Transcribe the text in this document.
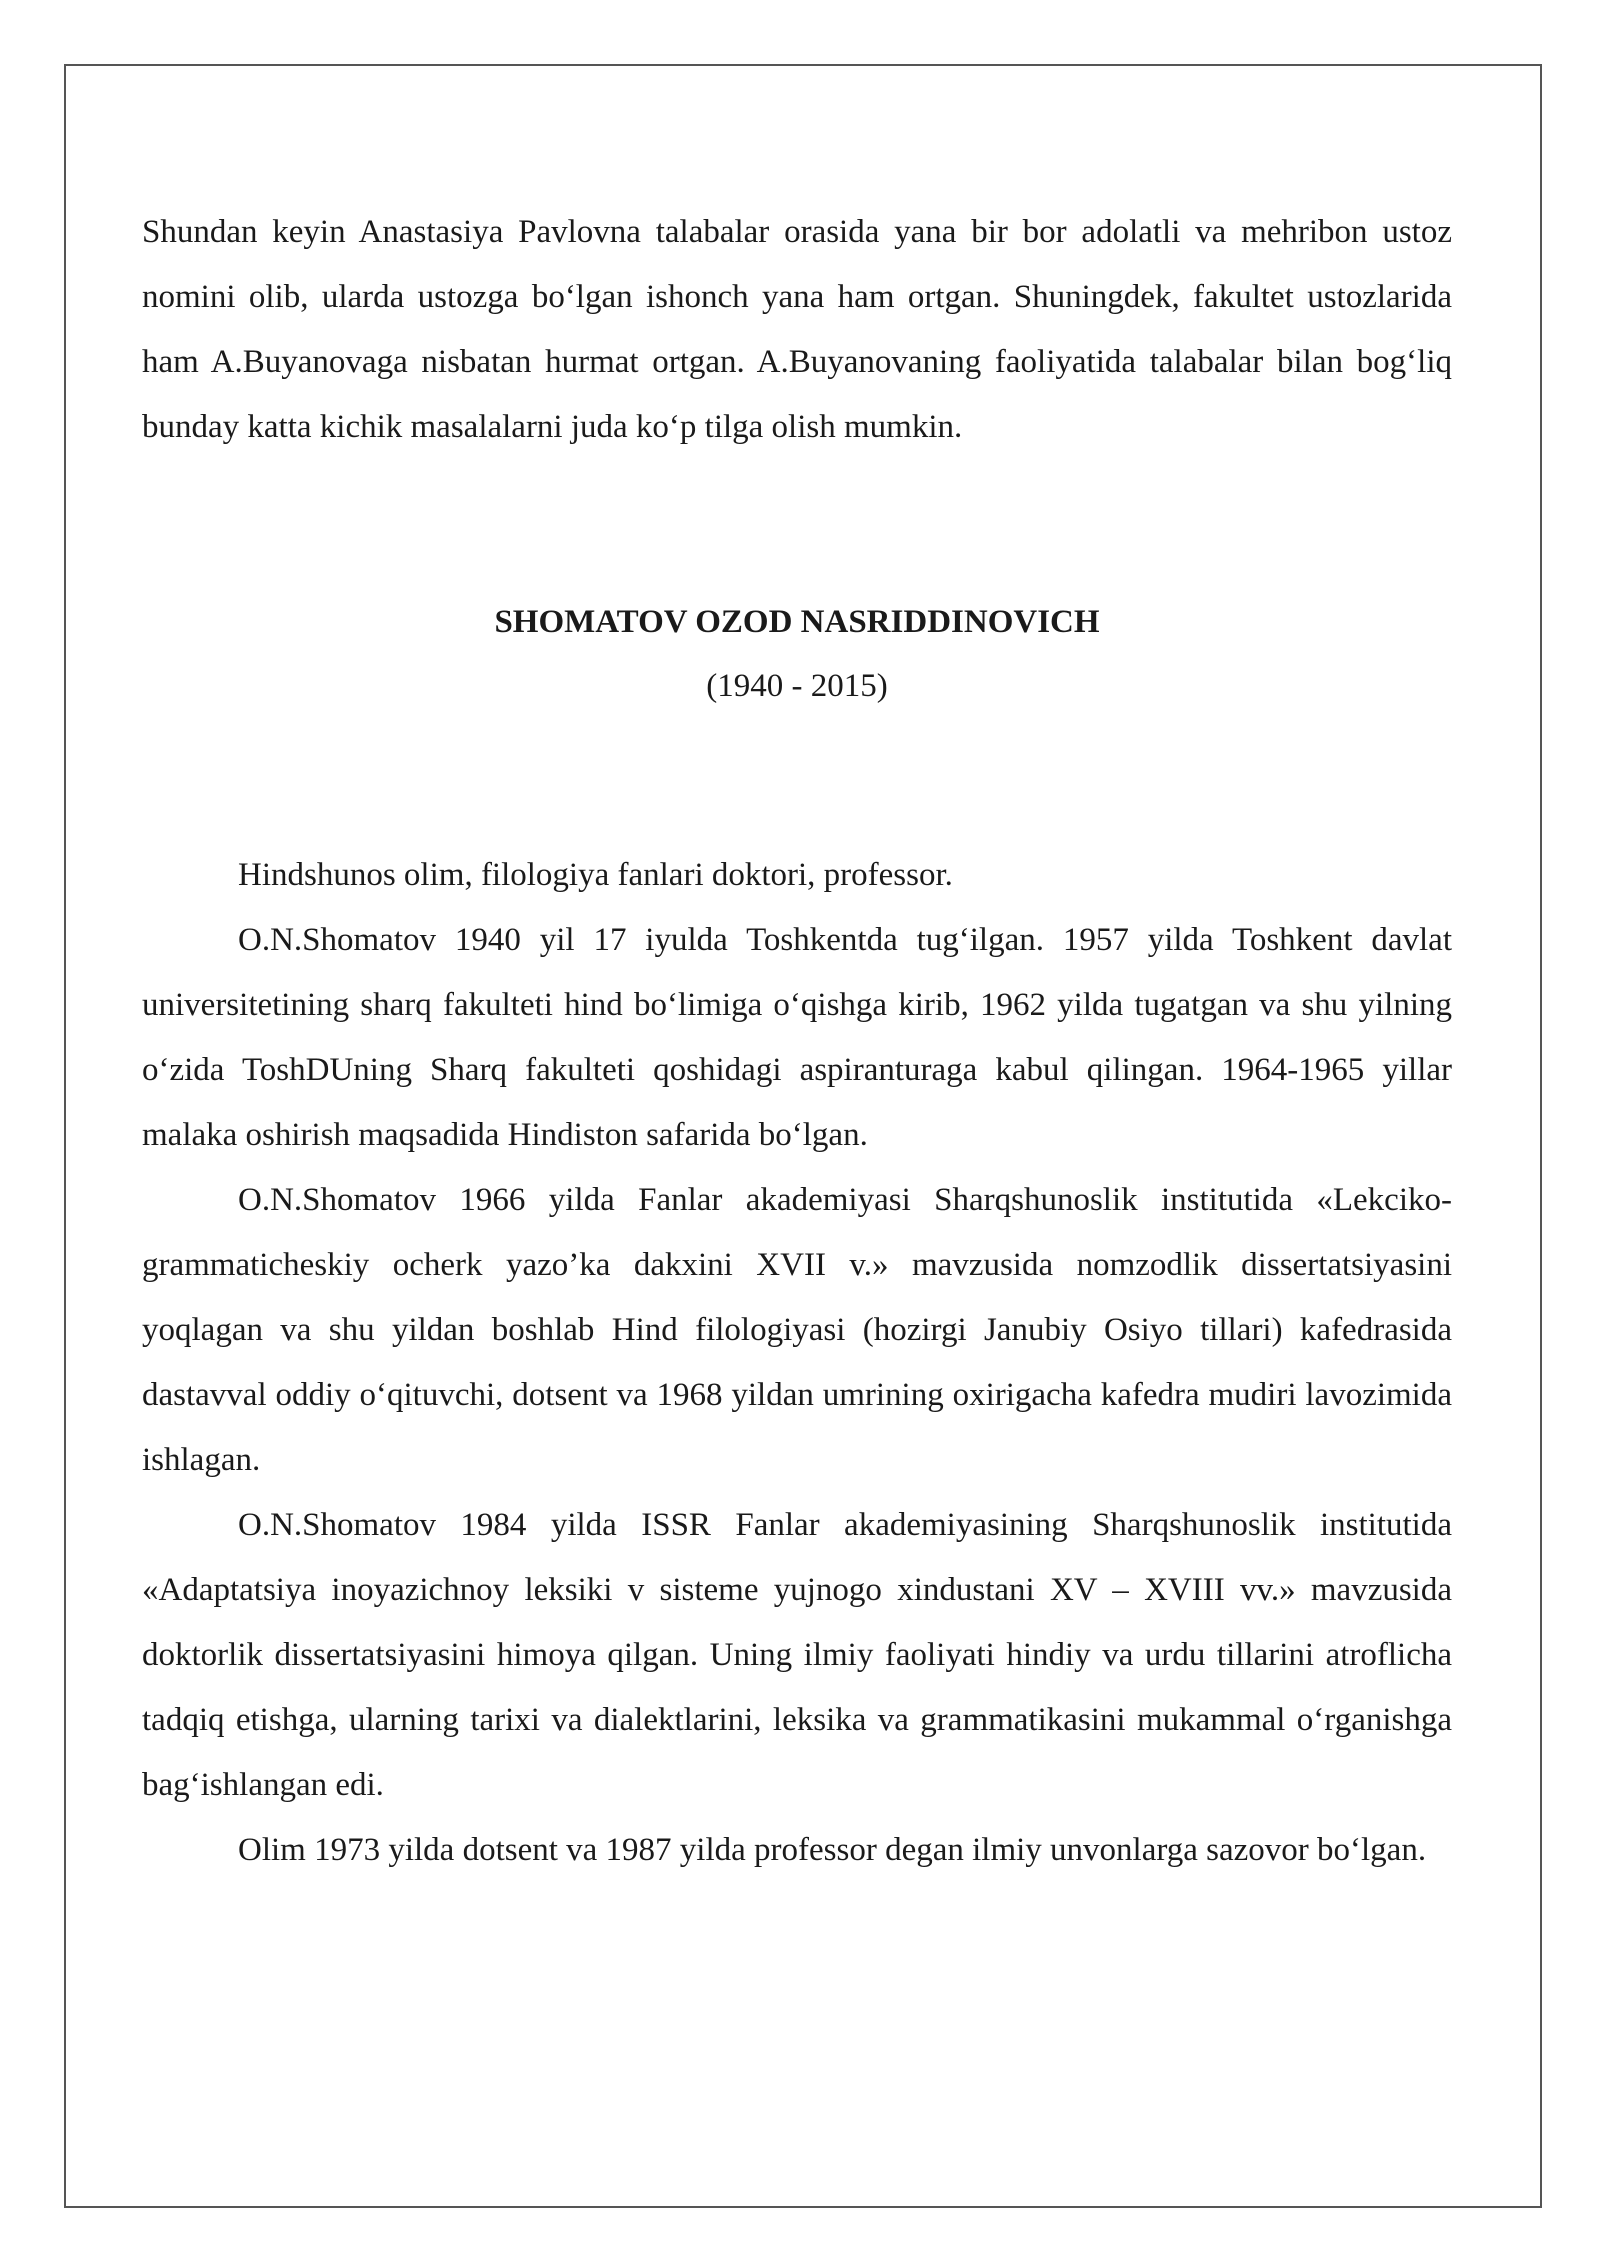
Shundan keyin Anastasiya Pavlovna talabalar orasida yana bir bor adolatli va mehribon ustoz nomini olib, ularda ustozga bo‘lgan ishonch yana ham ortgan. Shuningdek, fakultet ustozlarida ham A.Buyanovaga nisbatan hurmat ortgan. A.Buyanovaning faoliyatida talabalar bilan bog‘liq bunday katta kichik masalalarni juda ko‘p tilga olish mumkin.

SHOMATOV OZOD NASRIDDINOVICH

(1940 - 2015)

Hindshunos olim, filologiya fanlari doktori, professor.

O.N.Shomatov 1940 yil 17 iyulda Toshkentda tug‘ilgan. 1957 yilda Toshkent davlat universitetining sharq fakulteti hind bo‘limiga o‘qishga kirib, 1962 yilda tugatgan va shu yilning o‘zida ToshDUning Sharq fakulteti qoshidagi aspiranturaga kabul qilingan. 1964-1965 yillar malaka oshirish maqsadida Hindiston safarida bo‘lgan.

O.N.Shomatov 1966 yilda Fanlar akademiyasi Sharqshunoslik institutida «Lekciko-grammaticheskiy ocherk yazo’ka dakxini XVII v.» mavzusida nomzodlik dissertatsiyasini yoqlagan va shu yildan boshlab Hind filologiyasi (hozirgi Janubiy Osiyo tillari) kafedrasida dastavval oddiy o‘qituvchi, dotsent va 1968 yildan umrining oxirigacha kafedra mudiri lavozimida ishlagan.

O.N.Shomatov 1984 yilda ISSR Fanlar akademiyasining Sharqshunoslik institutida «Adaptatsiya inoyazichnoy leksiki v sisteme yujnogo xindustani XV – XVIII vv.» mavzusida doktorlik dissertatsiyasini himoya qilgan. Uning ilmiy faoliyati hindiy va urdu tillarini atroflicha tadqiq etishga, ularning tarixi va dialektlarini, leksika va grammatikasini mukammal o‘rganishga bag‘ishlangan edi.

Olim 1973 yilda dotsent va 1987 yilda professor degan ilmiy unvonlarga sazovor bo‘lgan.
